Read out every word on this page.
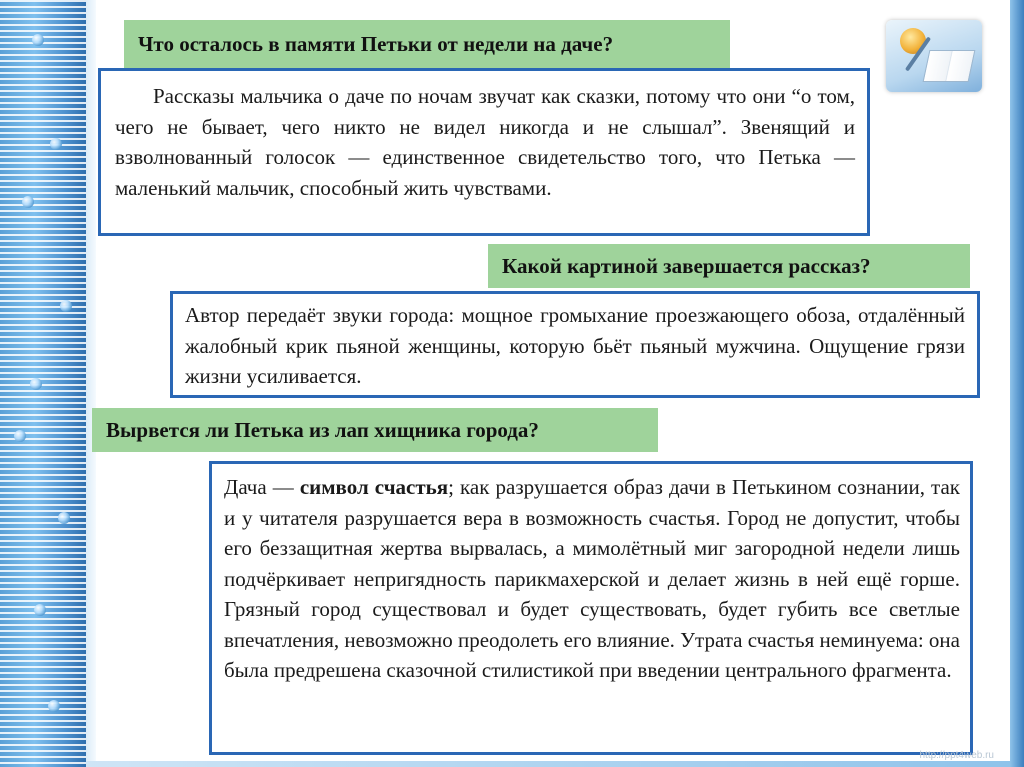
Что осталось в памяти Петьки от недели на даче?

Рассказы мальчика о даче по ночам звучат как сказки, потому что они “о том, чего не бывает, чего никто не видел никогда и не слышал”. Звенящий и взволнованный голосок — единственное свидетельство того, что Петька — маленький мальчик, способный жить чувствами.

Какой картиной завершается рассказ?

Автор передаёт звуки города: мощное громыхание проезжающего обоза, отдалённый жалобный крик пьяной женщины, которую бьёт пьяный мужчина. Ощущение грязи жизни усиливается.

Вырвется ли Петька из лап хищника города?

Дача — символ счастья; как разрушается образ дачи в Петькином сознании, так и у читателя разрушается вера в возможность счастья. Город не допустит, чтобы его беззащитная жертва вырвалась, а мимолётный миг загородной недели лишь подчёркивает непригядность парикмахерской и делает жизнь в ней ещё горше. Грязный город существовал и будет существовать, будет губить все светлые впечатления, невозможно преодолеть его влияние. Утрата счастья неминуема: она была предрешена сказочной стилистикой при введении центрального фрагмента.

http://ppt4web.ru
